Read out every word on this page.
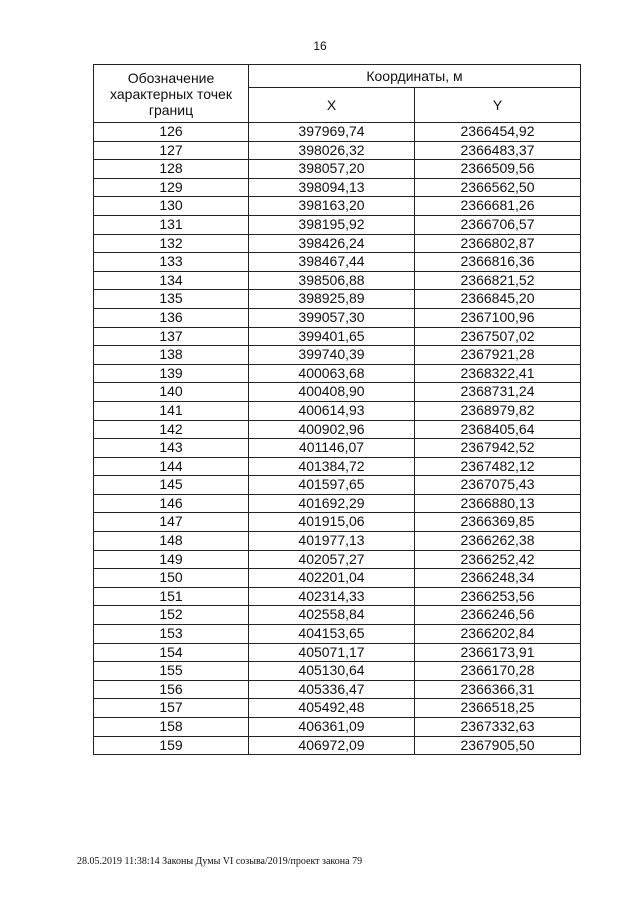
16
Обозначение характерных точек границ	Координаты, м	
	X	Y
126	397969,74	2366454,92
127	398026,32	2366483,37
128	398057,20	2366509,56
129	398094,13	2366562,50
130	398163,20	2366681,26
131	398195,92	2366706,57
132	398426,24	2366802,87
133	398467,44	2366816,36
134	398506,88	2366821,52
135	398925,89	2366845,20
136	399057,30	2367100,96
137	399401,65	2367507,02
138	399740,39	2367921,28
139	400063,68	2368322,41
140	400408,90	2368731,24
141	400614,93	2368979,82
142	400902,96	2368405,64
143	401146,07	2367942,52
144	401384,72	2367482,12
145	401597,65	2367075,43
146	401692,29	2366880,13
147	401915,06	2366369,85
148	401977,13	2366262,38
149	402057,27	2366252,42
150	402201,04	2366248,34
151	402314,33	2366253,56
152	402558,84	2366246,56
153	404153,65	2366202,84
154	405071,17	2366173,91
155	405130,64	2366170,28
156	405336,47	2366366,31
157	405492,48	2366518,25
158	406361,09	2367332,63
159	406972,09	2367905,50
28.05.2019 11:38:14 Законы Думы VI созыва/2019/проект закона 79
